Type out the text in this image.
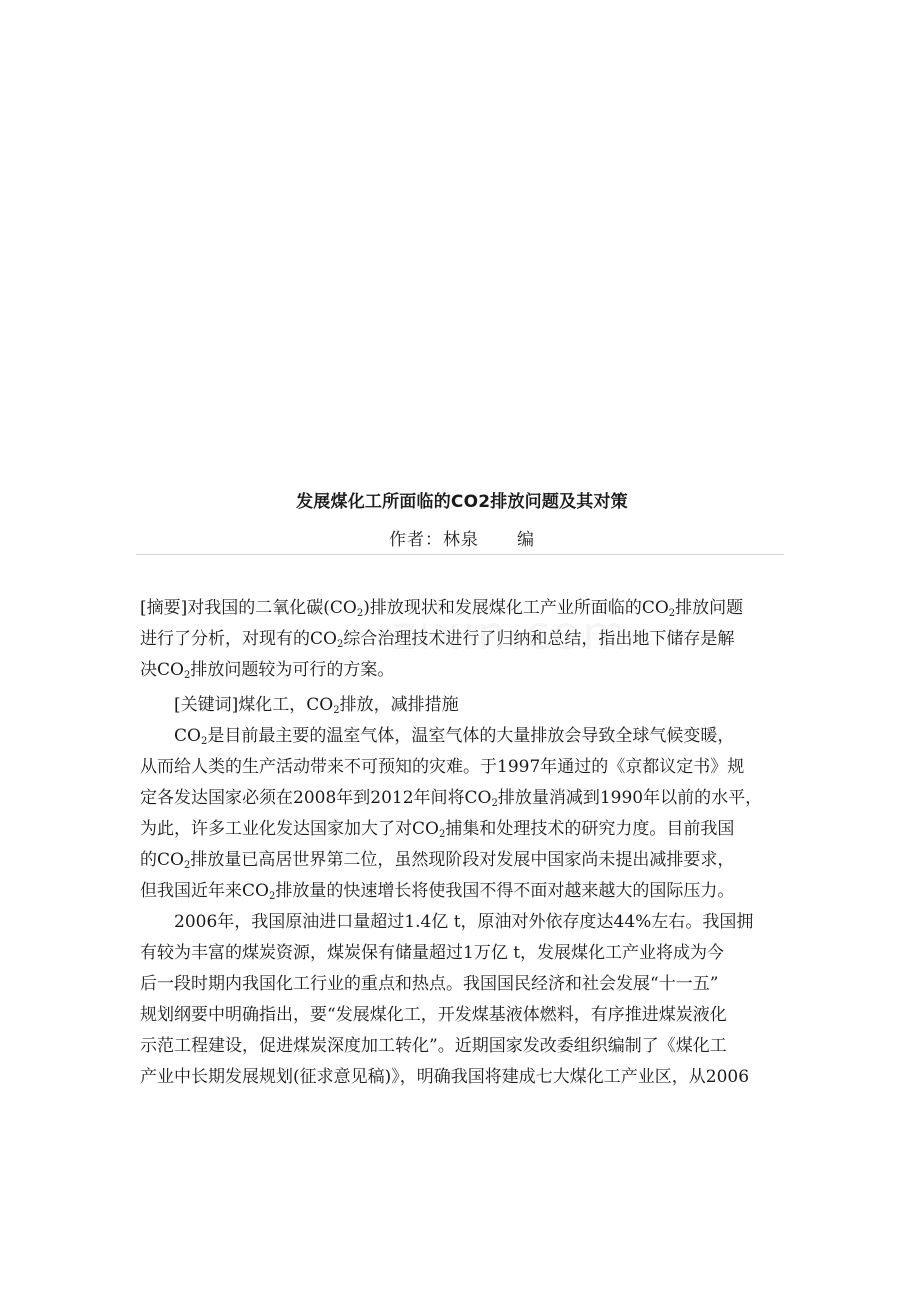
发展煤化工所面临的CO2排放问题及其对策
作者：林泉 编
[摘要]对我国的二氧化碳$(CO_2)$排放现状和发展煤化工产业所面临的$CO_2$排放问题
进行了分析，对现有的$CO_2$综合治理技术进行了归纳和总结，指出地下储存是解
决$CO_2$排放问题较为可行的方案。
[关键词]煤化工，$CO_2$排放，减排措施
$CO_2$是目前最主要的温室气体，温室气体的大量排放会导致全球气候变暖，
从而给人类的生产活动带来不可预知的灾难。于1997年通过的《京都议定书》规
定各发达国家必须在2008年到2012年间将$CO_2$排放量消减到1990年以前的水平，
为此，许多工业化发达国家加大了对$CO_2$捕集和处理技术的研究力度。目前我国
的$CO_2$排放量已高居世界第二位，虽然现阶段对发展中国家尚未提出减排要求，
但我国近年来$CO_2$排放量的快速增长将使我国不得不面对越来越大的国际压力。
2006年，我国原油进口量超过1.4亿 t，原油对外依存度达44%左右。我国拥
有较为丰富的煤炭资源，煤炭保有储量超过1万亿 t，发展煤化工产业将成为今
后一段时期内我国化工行业的重点和热点。我国国民经济和社会发展“十一五”
规划纲要中明确指出，要“发展煤化工，开发煤基液体燃料，有序推进煤炭液化
示范工程建设，促进煤炭深度加工转化”。近期国家发改委组织编制了《煤化工
产业中长期发展规划(征求意见稿)》，明确我国将建成七大煤化工产业区，从2006
